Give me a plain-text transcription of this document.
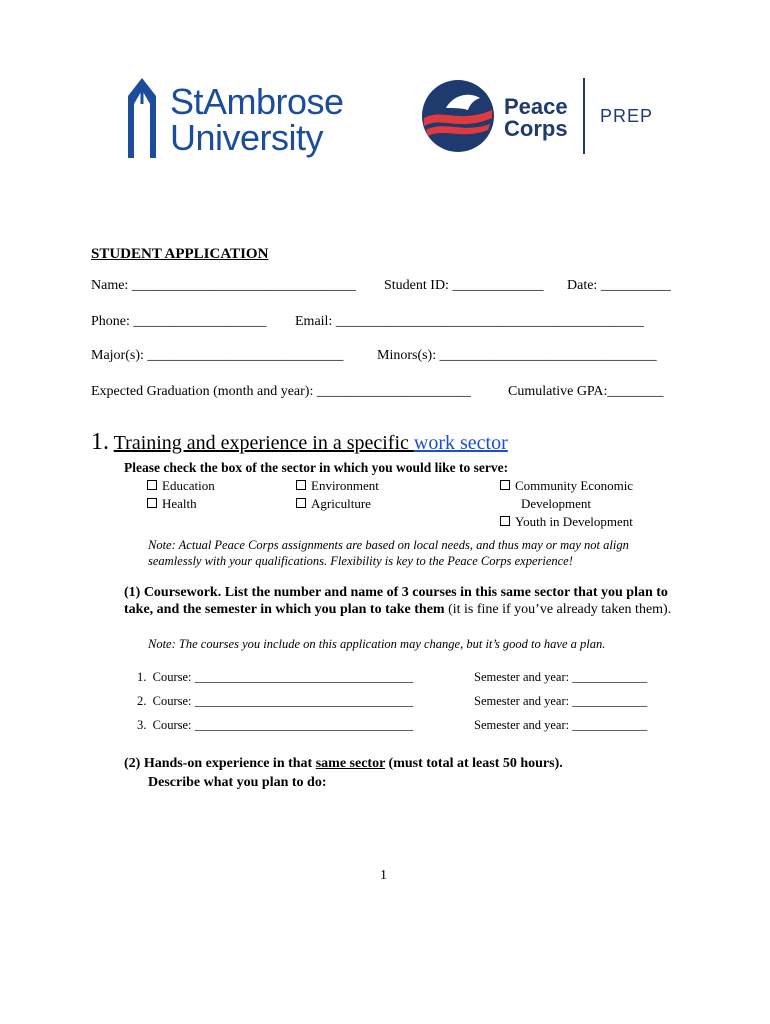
StAmbrose
University
Peace
Corps PREP
STUDENT APPLICATION
Name: ________________________________ Student ID: _____________ Date: __________
Phone: ___________________ Email: ____________________________________________
Major(s): ____________________________ Minors(s): _______________________________
Expected Graduation (month and year): ______________________	Cumulative GPA:________
1. Training and experience in a specific work sector
Please check the box of the sector in which you would like to serve:
Education
Health
Environment
Agriculture
Community Economic
Development
Youth in Development
Note: Actual Peace Corps assignments are based on local needs, and thus may or may not align seamlessly with your qualifications. Flexibility is key to the Peace Corps experience!
(1) Coursework. List the number and name of 3 courses in this same sector that you plan to take, and the semester in which you plan to take them (it is fine if you’ve already taken them).
Note: The courses you include on this application may change, but it’s good to have a plan.
1. Course: ___________________________________	Semester and year: ____________
2. Course: ___________________________________	Semester and year: ____________
3. Course: ___________________________________	Semester and year: ____________
(2) Hands-on experience in that same sector (must total at least 50 hours).
Describe what you plan to do:
1
